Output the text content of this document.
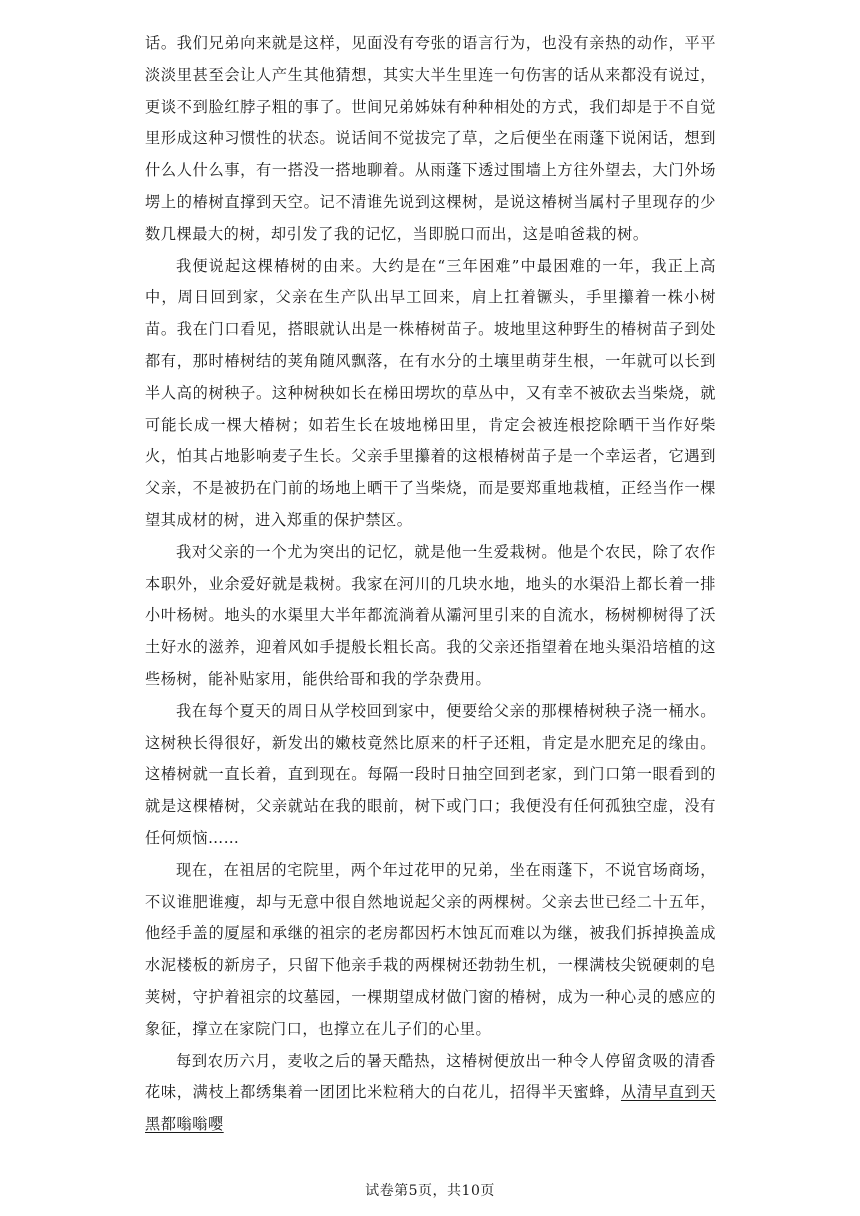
话。我们兄弟向来就是这样，见面没有夸张的语言行为，也没有亲热的动作，平平淡淡里甚至会让人产生其他猜想，其实大半生里连一句伤害的话从来都没有说过，更谈不到脸红脖子粗的事了。世间兄弟姊妹有种种相处的方式，我们却是于不自觉里形成这种习惯性的状态。说话间不觉拔完了草，之后便坐在雨蓬下说闲话，想到什么人什么事，有一搭没一搭地聊着。从雨蓬下透过围墙上方往外望去，大门外场塄上的椿树直撑到天空。记不清谁先说到这棵树，是说这椿树当属村子里现存的少数几棵最大的树，却引发了我的记忆，当即脱口而出，这是咱爸栽的树。

我便说起这棵椿树的由来。大约是在“三年困难”中最困难的一年，我正上高中，周日回到家，父亲在生产队出早工回来，肩上扛着镢头，手里攥着一株小树苗。我在门口看见，搭眼就认出是一株椿树苗子。坡地里这种野生的椿树苗子到处都有，那时椿树结的荚角随风飘落，在有水分的土壤里萌芽生根，一年就可以长到半人高的树秧子。这种树秧如长在梯田塄坎的草丛中，又有幸不被砍去当柴烧，就可能长成一棵大椿树；如若生长在坡地梯田里，肯定会被连根挖除晒干当作好柴火，怕其占地影响麦子生长。父亲手里攥着的这根椿树苗子是一个幸运者，它遇到父亲，不是被扔在门前的场地上晒干了当柴烧，而是要郑重地栽植，正经当作一棵望其成材的树，进入郑重的保护禁区。

我对父亲的一个尤为突出的记忆，就是他一生爱栽树。他是个农民，除了农作本职外，业余爱好就是栽树。我家在河川的几块水地，地头的水渠沿上都长着一排小叶杨树。地头的水渠里大半年都流淌着从灞河里引来的自流水，杨树柳树得了沃土好水的滋养，迎着风如手提般长粗长高。我的父亲还指望着在地头渠沿培植的这些杨树，能补贴家用，能供给哥和我的学杂费用。

我在每个夏天的周日从学校回到家中，便要给父亲的那棵椿树秧子浇一桶水。这树秧长得很好，新发出的嫩枝竟然比原来的杆子还粗，肯定是水肥充足的缘由。这椿树就一直长着，直到现在。每隔一段时日抽空回到老家，到门口第一眼看到的就是这棵椿树，父亲就站在我的眼前，树下或门口；我便没有任何孤独空虚，没有任何烦恼……

现在，在祖居的宅院里，两个年过花甲的兄弟，坐在雨蓬下，不说官场商场，不议谁肥谁瘦，却与无意中很自然地说起父亲的两棵树。父亲去世已经二十五年，他经手盖的厦屋和承继的祖宗的老房都因朽木蚀瓦而难以为继，被我们拆掉换盖成水泥楼板的新房子，只留下他亲手栽的两棵树还勃勃生机，一棵满枝尖锐硬刺的皂荚树，守护着祖宗的坟墓园，一棵期望成材做门窗的椿树，成为一种心灵的感应的象征，撑立在家院门口，也撑立在儿子们的心里。

每到农历六月，麦收之后的暑天酷热，这椿树便放出一种令人停留贪吸的清香花味，满枝上都绣集着一团团比米粒稍大的白花儿，招得半天蜜蜂，从清早直到天黑都嗡嗡嘤

试卷第5页，共10页
